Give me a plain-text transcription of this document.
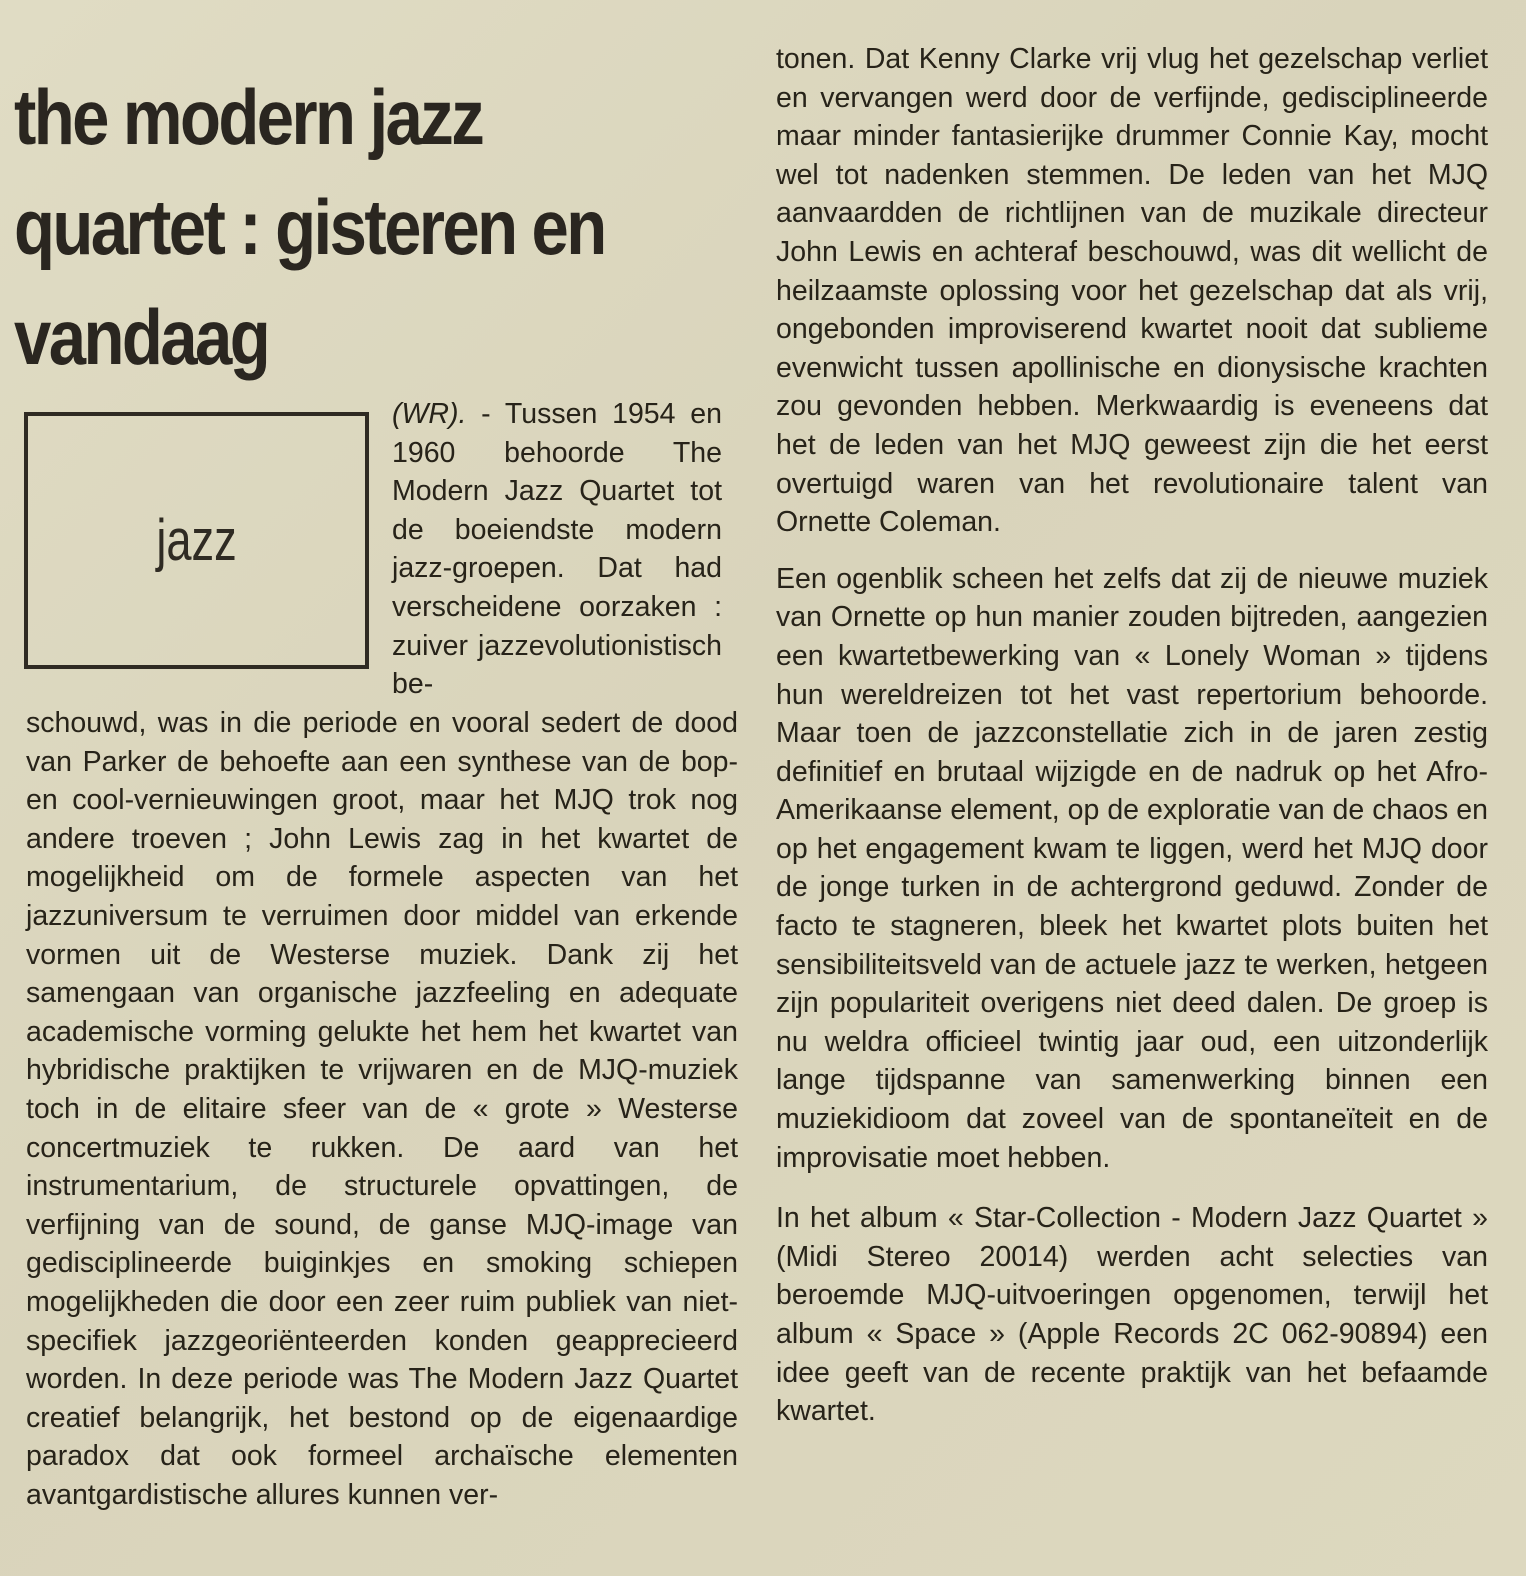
the modern jazz quartet : gisteren en vandaag
jazz

(WR). - Tussen 1954 en 1960 behoorde The Modern Jazz Quartet tot de boeiendste modern jazz-groepen. Dat had verscheidene oorzaken : zuiver jazzevolutionistisch be-

schouwd, was in die periode en vooral sedert de dood van Parker de behoefte aan een synthese van de bop- en cool-vernieuwingen groot, maar het MJQ trok nog andere troeven ; John Lewis zag in het kwartet de mogelijkheid om de formele aspecten van het jazzuniversum te verruimen door middel van erkende vormen uit de Westerse muziek. Dank zij het samengaan van organische jazzfeeling en adequate academische vorming gelukte het hem het kwartet van hybridische praktijken te vrijwaren en de MJQ-muziek toch in de elitaire sfeer van de « grote » Westerse concertmuziek te rukken. De aard van het instrumentarium, de structurele opvattingen, de verfijning van de sound, de ganse MJQ-image van gedisciplineerde buiginkjes en smoking schiepen mogelijkheden die door een zeer ruim publiek van niet-specifiek jazzgeoriënteerden konden geapprecieerd worden. In deze periode was The Modern Jazz Quartet creatief belangrijk, het bestond op de eigenaardige paradox dat ook formeel archaïsche elementen avantgardistische allures kunnen ver-

tonen. Dat Kenny Clarke vrij vlug het gezelschap verliet en vervangen werd door de verfijnde, gedisciplineerde maar minder fantasierijke drummer Connie Kay, mocht wel tot nadenken stemmen. De leden van het MJQ aanvaardden de richtlijnen van de muzikale directeur John Lewis en achteraf beschouwd, was dit wellicht de heilzaamste oplossing voor het gezelschap dat als vrij, ongebonden improviserend kwartet nooit dat sublieme evenwicht tussen apollinische en dionysische krachten zou gevonden hebben. Merkwaardig is eveneens dat het de leden van het MJQ geweest zijn die het eerst overtuigd waren van het revolutionaire talent van Ornette Coleman.

Een ogenblik scheen het zelfs dat zij de nieuwe muziek van Ornette op hun manier zouden bijtreden, aangezien een kwartetbewerking van « Lonely Woman » tijdens hun wereldreizen tot het vast repertorium behoorde. Maar toen de jazzconstellatie zich in de jaren zestig definitief en brutaal wijzigde en de nadruk op het Afro-Amerikaanse element, op de exploratie van de chaos en op het engagement kwam te liggen, werd het MJQ door de jonge turken in de achtergrond geduwd. Zonder de facto te stagneren, bleek het kwartet plots buiten het sensibiliteitsveld van de actuele jazz te werken, hetgeen zijn populariteit overigens niet deed dalen. De groep is nu weldra officieel twintig jaar oud, een uitzonderlijk lange tijdspanne van samenwerking binnen een muziekidioom dat zoveel van de spontaneïteit en de improvisatie moet hebben.

In het album « Star-Collection - Modern Jazz Quartet » (Midi Stereo 20014) werden acht selecties van beroemde MJQ-uitvoeringen opgenomen, terwijl het album « Space » (Apple Records 2C 062-90894) een idee geeft van de recente praktijk van het befaamde kwartet.
